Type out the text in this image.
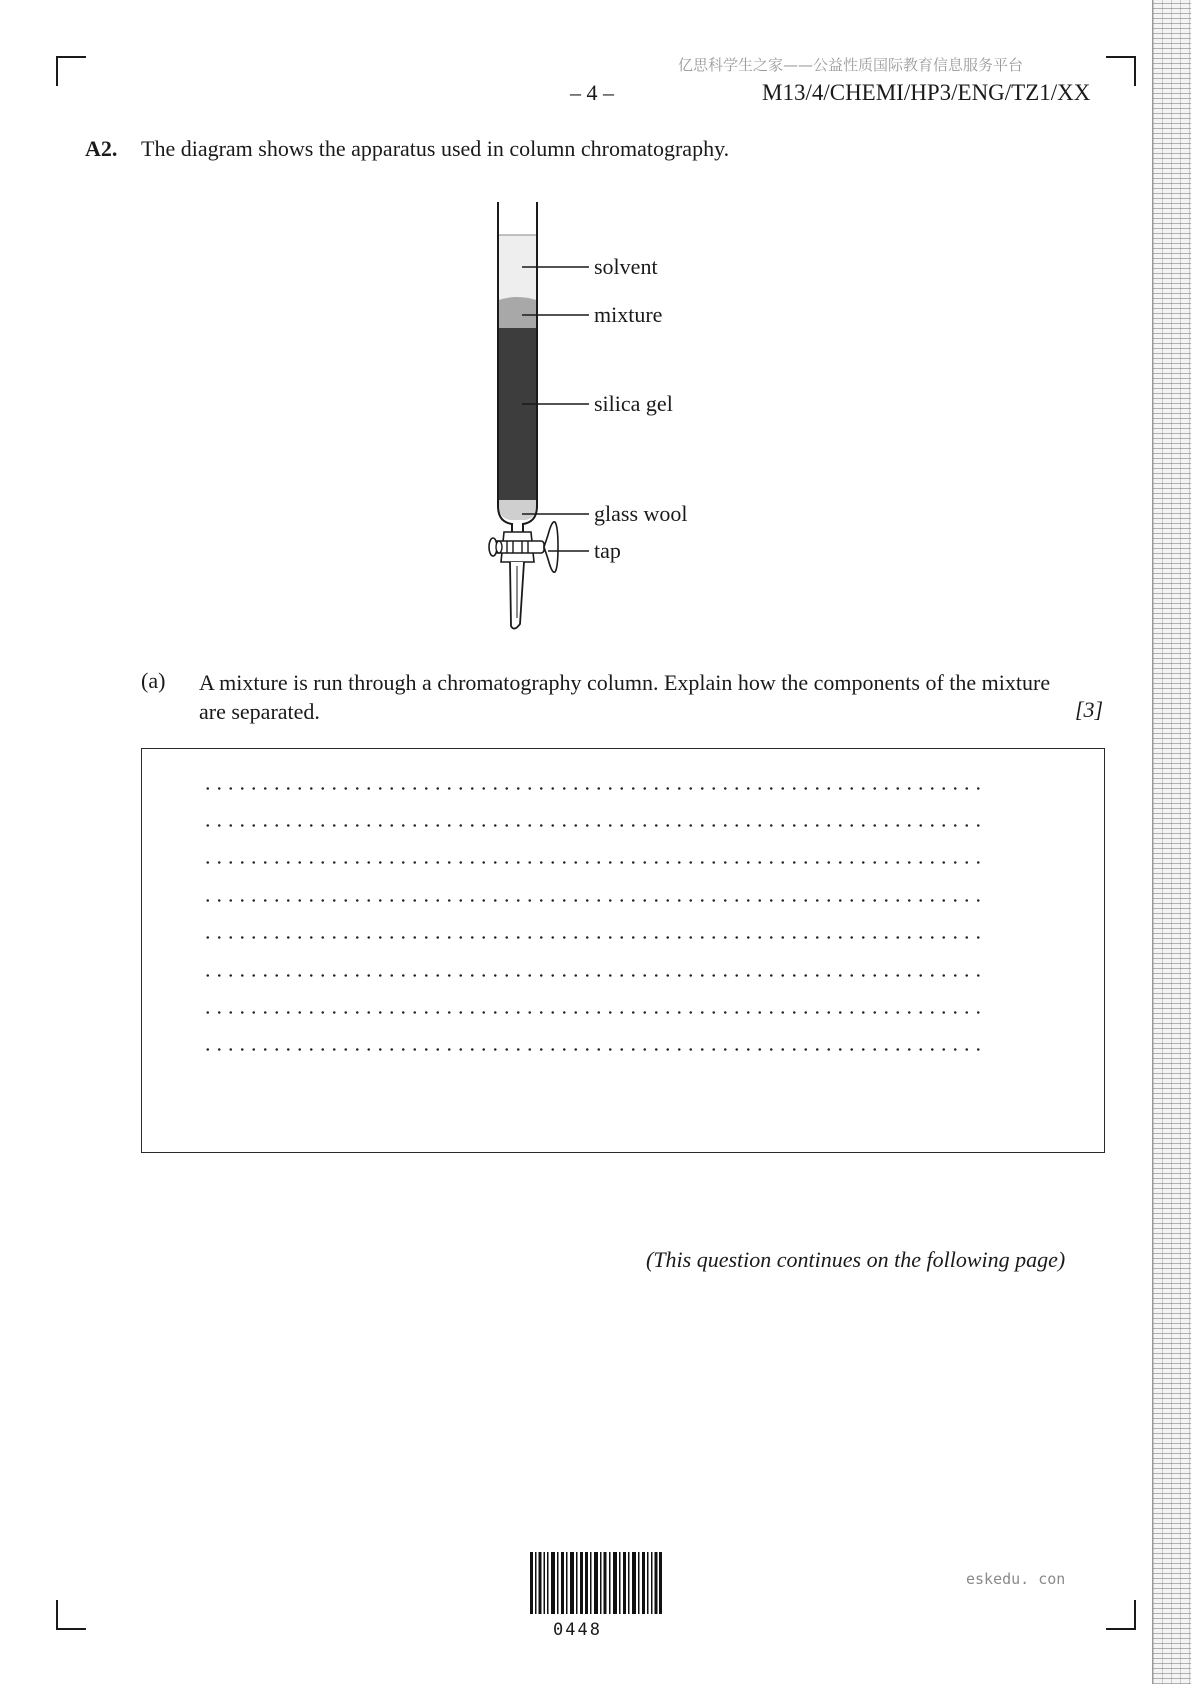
亿思科学生之家——公益性质国际教育信息服务平台
– 4 –	M13/4/CHEMI/HP3/ENG/TZ1/XX
A2. The diagram shows the apparatus used in column chromatography.
solvent
mixture
silica gel
glass wool
tap
(a) A mixture is run through a chromatography column. Explain how the components of the mixture are separated.	[3]
(This question continues on the following page)
0448
eskedu. con
